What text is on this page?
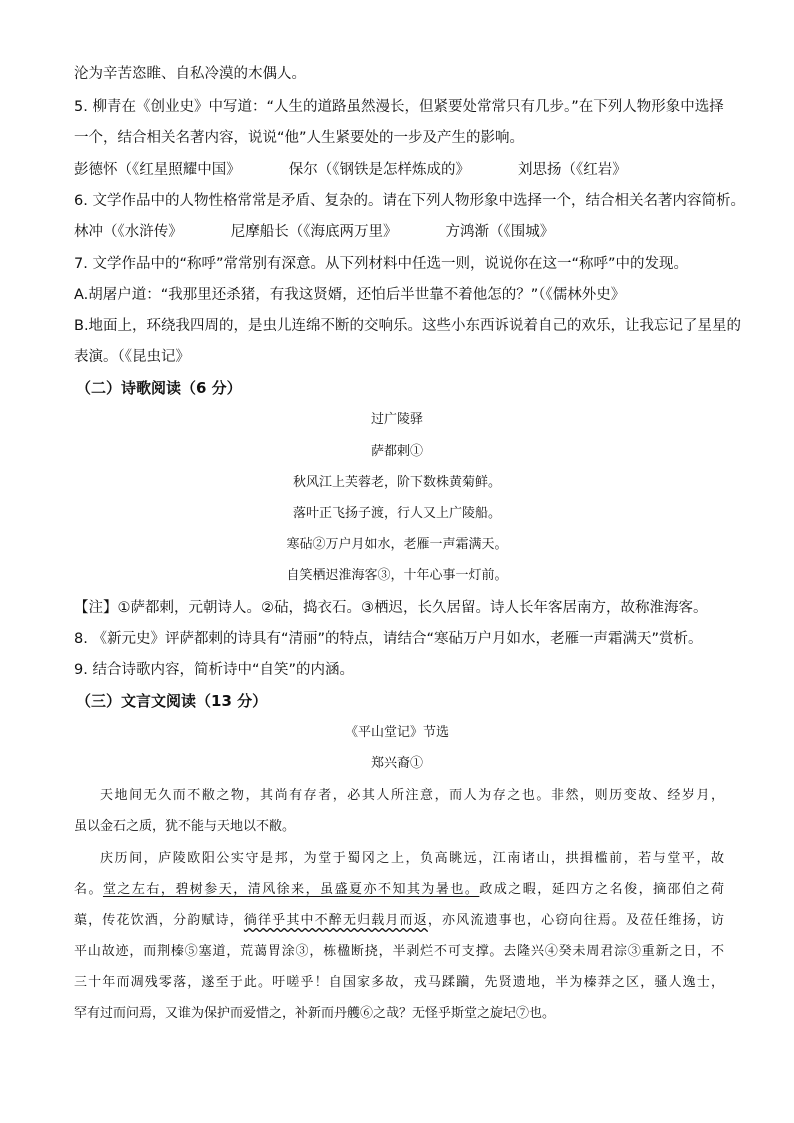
沦为辛苦恣睢、自私冷漠的木偶人。
5. 柳青在《创业史》中写道：“人生的道路虽然漫长，但紧要处常常只有几步。”在下列人物形象中选择
一个，结合相关名著内容，说说“他”人生紧要处的一步及产生的影响。
彭德怀（《红星照耀中国》	保尔（《钢铁是怎样炼成的》	刘思扬（《红岩》
6. 文学作品中的人物性格常常是矛盾、复杂的。请在下列人物形象中选择一个，结合相关名著内容简析。
林冲（《水浒传》	尼摩船长（《海底两万里》	方鸿渐（《围城》
7. 文学作品中的“称呼”常常别有深意。从下列材料中任选一则，说说你在这一“称呼”中的发现。
A.胡屠户道：“我那里还杀猪，有我这贤婿，还怕后半世靠不着他怎的？”（《儒林外史》
B.地面上，环绕我四周的，是虫儿连绵不断的交响乐。这些小东西诉说着自己的欢乐，让我忘记了星星的
表演。（《昆虫记》
（二）诗歌阅读（6 分）
过广陵驿
萨都剌①
秋风江上芙蓉老，阶下数株黄菊鲜。
落叶正飞扬子渡，行人又上广陵船。
寒砧②万户月如水，老雁一声霜满天。
自笑栖迟淮海客③，十年心事一灯前。
【注】①萨都剌，元朝诗人。②砧，捣衣石。③栖迟，长久居留。诗人长年客居南方，故称淮海客。
8. 《新元史》评萨都剌的诗具有“清丽”的特点，请结合“寒砧万户月如水，老雁一声霜满天”赏析。
9. 结合诗歌内容，简析诗中“自笑”的内涵。
（三）文言文阅读（13 分）
《平山堂记》节选
郑兴裔①
天地间无久而不敝之物，其尚有存者，必其人所注意，而人为存之也。非然，则历变故、经岁月，
虽以金石之质，犹不能与天地以不敝。
庆历间，庐陵欧阳公实守是邦，为堂于蜀冈之上，负高眺远，江南诸山，拱揖槛前，若与堂平，故
名。堂之左右，碧树参天，清风徐来，虽盛夏亦不知其为暑也。政成之暇，延四方之名俊，摘邵伯之荷
蕖，传花饮酒，分韵赋诗，徜徉乎其中不醉无归载月而返，亦风流遗事也，心窃向往焉。及莅任维扬，访
平山故迹，而荆榛⑤塞道，荒蔼胃涂③，栋楹断挠，半剥烂不可支撑。去隆兴④癸未周君淙③重新之日，不
三十年而凋残零落，遂至于此。吁嗟乎！自国家多故，戎马蹂躏，先贤遗地，半为榛莽之区，骚人逸士，
罕有过而问焉，又谁为保护而爱惜之，补新而丹艧⑥之哉？无怪乎斯堂之旋圮⑦也。
